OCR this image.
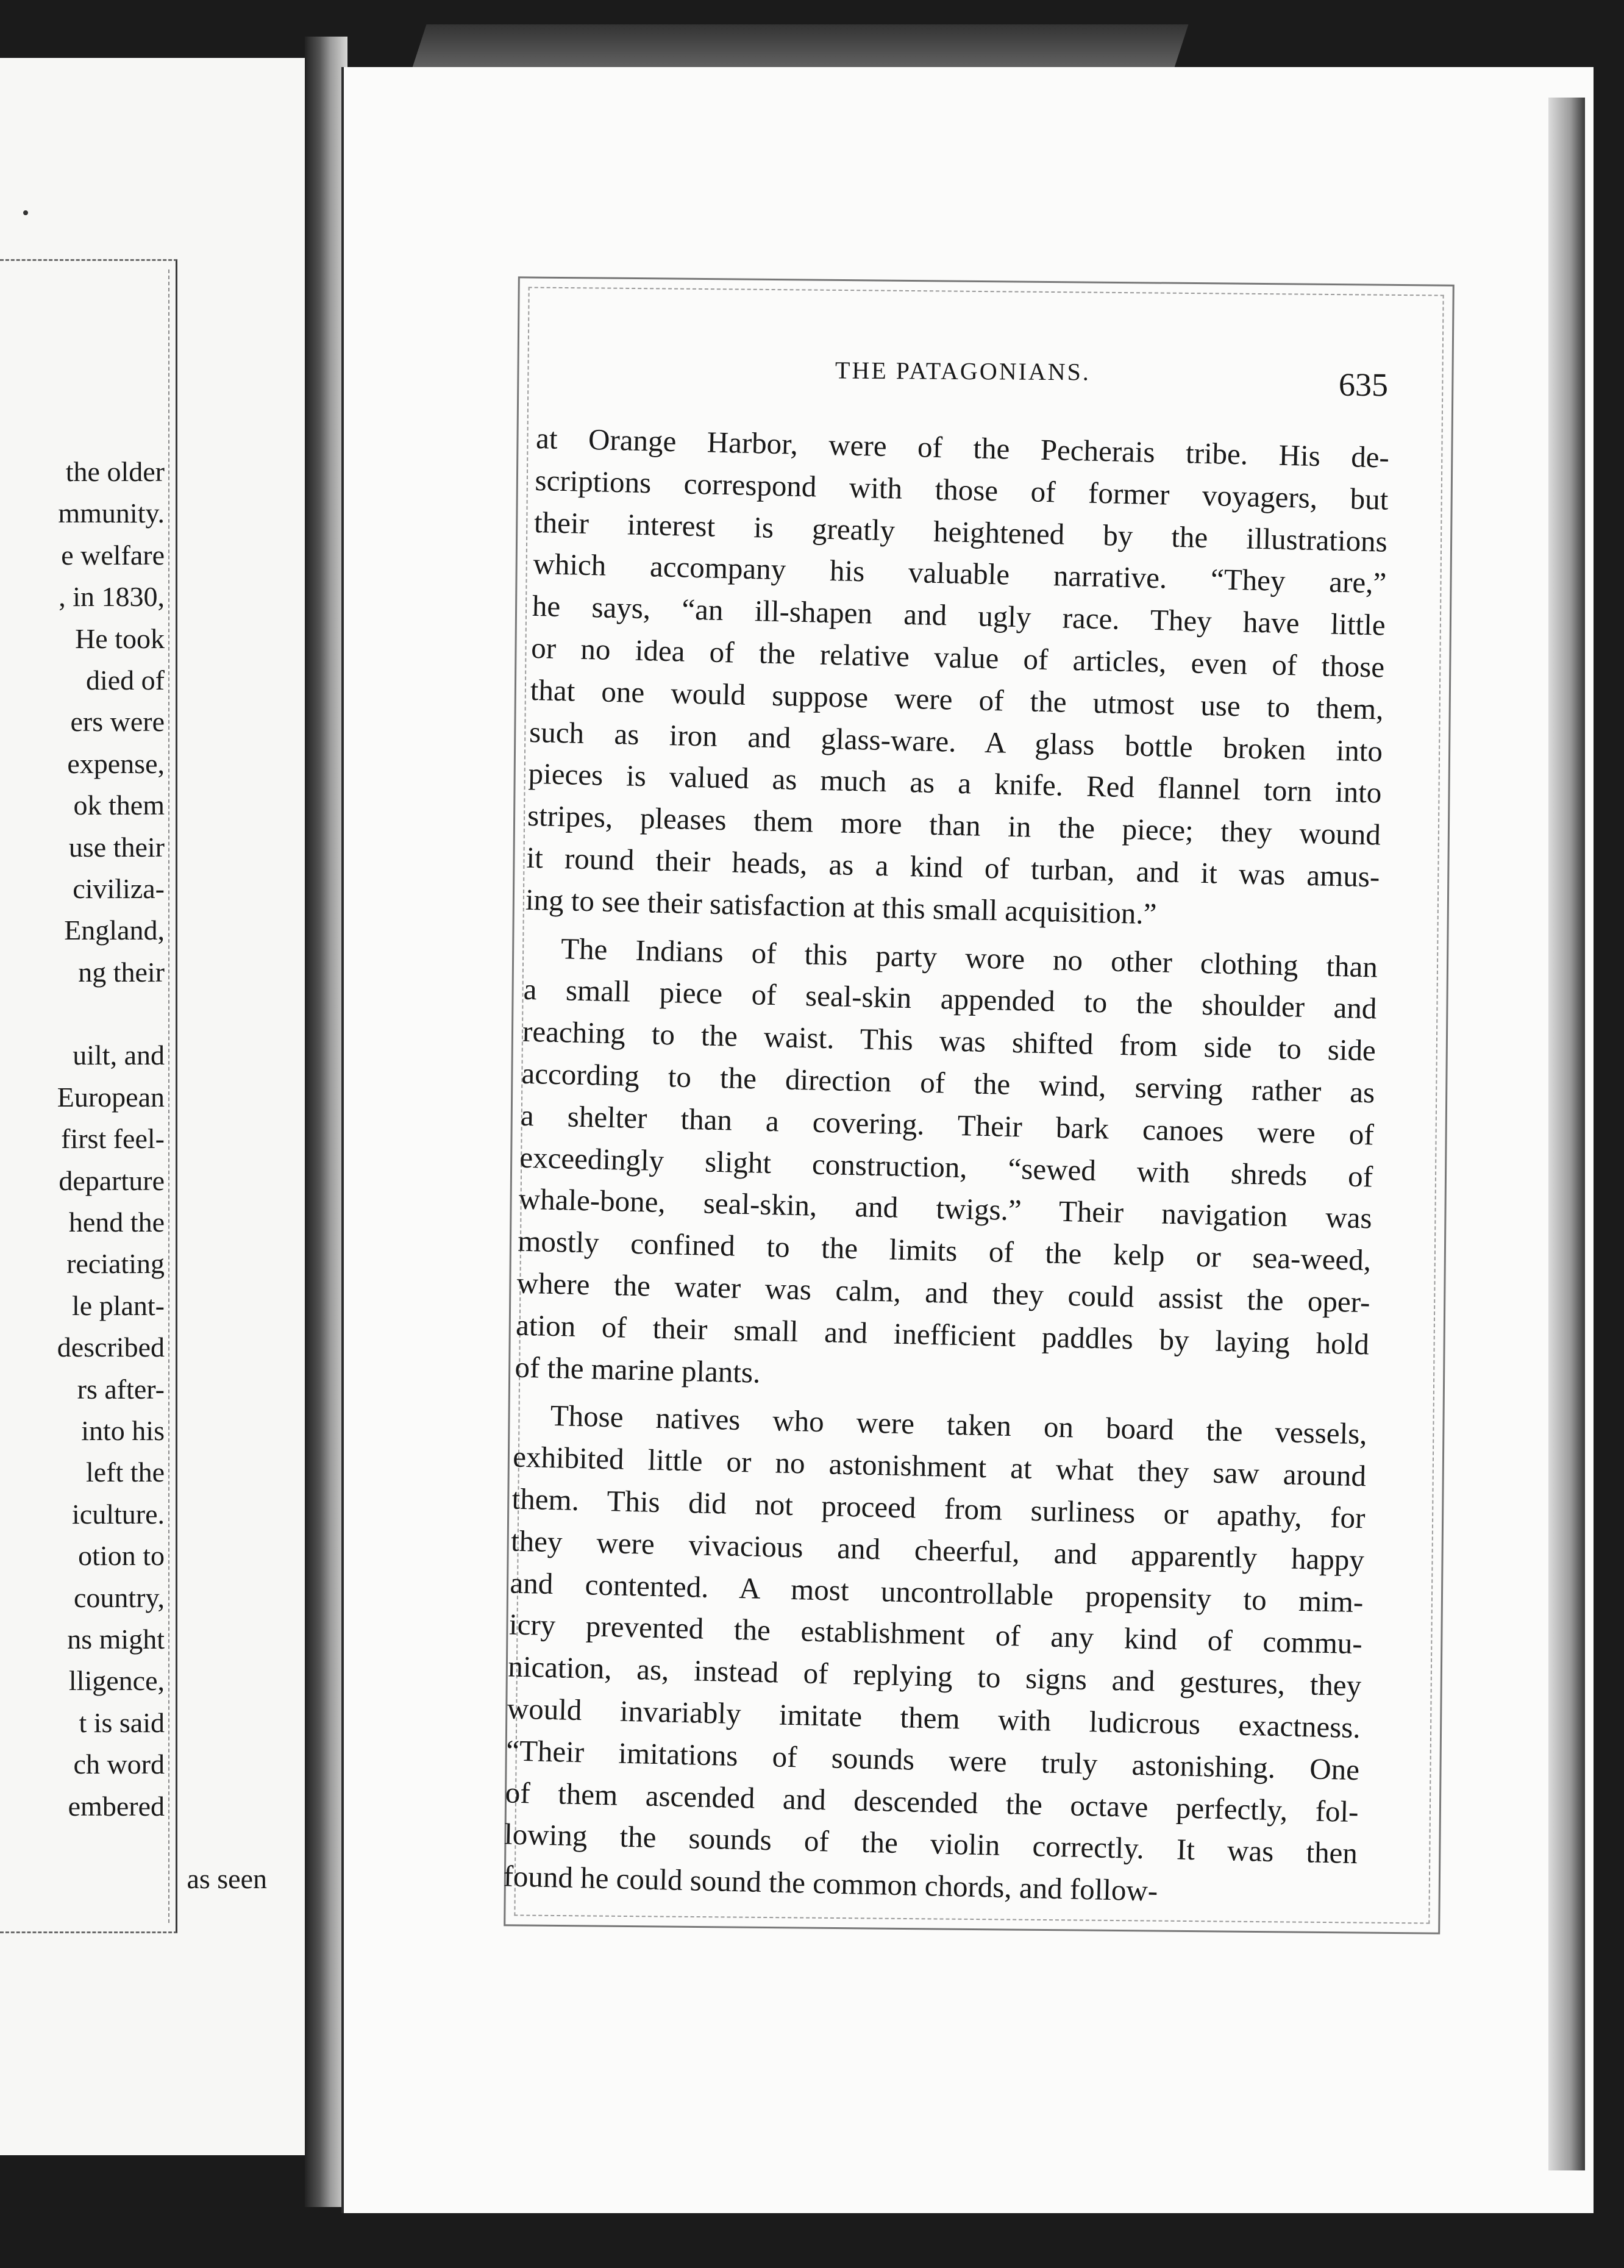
the older
mmunity.
e welfare
, in 1830,
He took
died of
ers were
expense,
ok them
use their
civiliza-
England,
ng their
uilt, and
European
first feel-
departure
hend the
reciating
le plant-
described
rs after-
into his
left the
iculture.
otion to
country,
ns might
lligence,
t is said
ch word
embered
as seen
THE PATAGONIANS.	635
at Orange Harbor, were of the Pecherais tribe. His de-
scriptions correspond with those of former voyagers, but
their interest is greatly heightened by the illustrations
which accompany his valuable narrative. “They are,”
he says, “an ill-shapen and ugly race. They have little
or no idea of the relative value of articles, even of those
that one would suppose were of the utmost use to them,
such as iron and glass-ware. A glass bottle broken into
pieces is valued as much as a knife. Red flannel torn into
stripes, pleases them more than in the piece; they wound
it round their heads, as a kind of turban, and it was amus-
ing to see their satisfaction at this small acquisition.”
The Indians of this party wore no other clothing than
a small piece of seal-skin appended to the shoulder and
reaching to the waist. This was shifted from side to side
according to the direction of the wind, serving rather as
a shelter than a covering. Their bark canoes were of
exceedingly slight construction, “sewed with shreds of
whale-bone, seal-skin, and twigs.” Their navigation was
mostly confined to the limits of the kelp or sea-weed,
where the water was calm, and they could assist the oper-
ation of their small and inefficient paddles by laying hold
of the marine plants.
Those natives who were taken on board the vessels,
exhibited little or no astonishment at what they saw around
them. This did not proceed from surliness or apathy, for
they were vivacious and cheerful, and apparently happy
and contented. A most uncontrollable propensity to mim-
icry prevented the establishment of any kind of commu-
nication, as, instead of replying to signs and gestures, they
would invariably imitate them with ludicrous exactness.
“Their imitations of sounds were truly astonishing. One
of them ascended and descended the octave perfectly, fol-
lowing the sounds of the violin correctly. It was then
found he could sound the common chords, and follow-
